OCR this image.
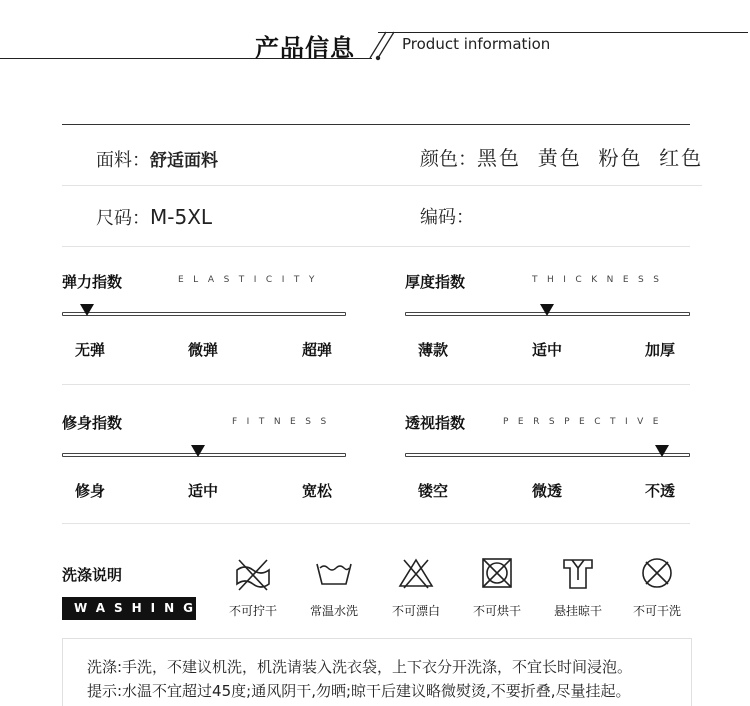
产品信息	Product information
面料：舒适面料	颜色：黑色  黄色  粉色  红色
尺码：M-5XL	编码：
弹力指数	ELASTICITY
无弹	微弹	超弹
厚度指数	THICKNESS
薄款	适中	加厚
修身指数	FITNESS
修身	适中	宽松
透视指数	PERSPECTIVE
镂空	微透	不透
洗涤说明
WASHING	不可拧干	常温水洗	不可漂白	不可烘干	悬挂晾干	不可干洗
洗涤:手洗，不建议机洗，机洗请装入洗衣袋，上下衣分开洗涤，不宜长时间浸泡。
提示:水温不宜超过45度;通风阴干,勿晒;晾干后建议略微熨烫,不要折叠,尽量挂起。
